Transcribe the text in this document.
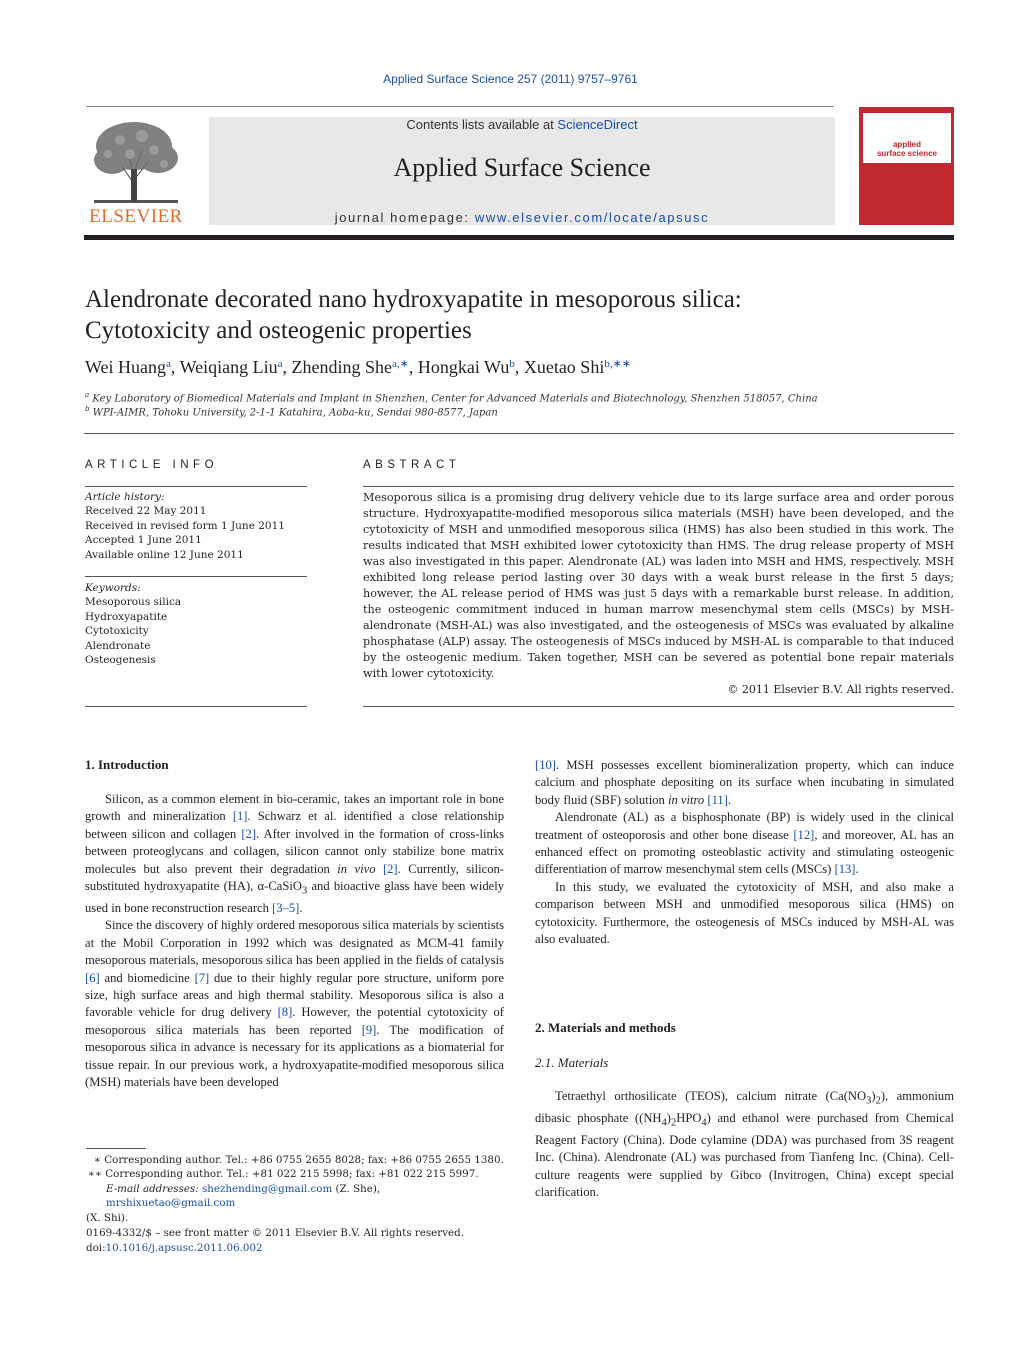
Applied Surface Science 257 (2011) 9757–9761
ELSEVIER
Contents lists available at ScienceDirect
Applied Surface Science
journal homepage: www.elsevier.com/locate/apsusc
applied
surface science
Alendronate decorated nano hydroxyapatite in mesoporous silica:
Cytotoxicity and osteogenic properties
Wei Huang$^a$, Weiqiang Liu$^a$, Zhending She$^{a,∗}$, Hongkai Wu$^b$, Xuetao Shi$^{b,∗∗}$
$^a$ Key Laboratory of Biomedical Materials and Implant in Shenzhen, Center for Advanced Materials and Biotechnology, Shenzhen 518057, China
$^b$ WPI-AIMR, Tohoku University, 2-1-1 Katahira, Aoba-ku, Sendai 980-8577, Japan
ARTICLE INFO	ABSTRACT
Article history:
Received 22 May 2011
Received in revised form 1 June 2011
Accepted 1 June 2011
Available online 12 June 2011
Keywords:
Mesoporous silica
Hydroxyapatite
Cytotoxicity
Alendronate
Osteogenesis
Mesoporous silica is a promising drug delivery vehicle due to its large surface area and order porous structure. Hydroxyapatite-modified mesoporous silica materials (MSH) have been developed, and the cytotoxicity of MSH and unmodified mesoporous silica (HMS) has also been studied in this work. The results indicated that MSH exhibited lower cytotoxicity than HMS. The drug release property of MSH was also investigated in this paper. Alendronate (AL) was laden into MSH and HMS, respectively. MSH exhibited long release period lasting over 30 days with a weak burst release in the first 5 days; however, the AL release period of HMS was just 5 days with a remarkable burst release. In addition, the osteogenic commitment induced in human marrow mesenchymal stem cells (MSCs) by MSH-alendronate (MSH-AL) was also investigated, and the osteogenesis of MSCs was evaluated by alkaline phosphatase (ALP) assay. The osteogenesis of MSCs induced by MSH-AL is comparable to that induced by the osteogenic medium. Taken together, MSH can be severed as potential bone repair materials with lower cytotoxicity.
© 2011 Elsevier B.V. All rights reserved.
1. Introduction

Silicon, as a common element in bio-ceramic, takes an important role in bone growth and mineralization [1]. Schwarz et al. identified a close relationship between silicon and collagen [2]. After involved in the formation of cross-links between proteoglycans and collagen, silicon cannot only stabilize bone matrix molecules but also prevent their degradation in vivo [2]. Currently, silicon-substituted hydroxyapatite (HA), α-CaSiO$_3$ and bioactive glass have been widely used in bone reconstruction research [3–5].

Since the discovery of highly ordered mesoporous silica materials by scientists at the Mobil Corporation in 1992 which was designated as MCM-41 family mesoporous materials, mesoporous silica has been applied in the fields of catalysis [6] and biomedicine [7] due to their highly regular pore structure, uniform pore size, high surface areas and high thermal stability. Mesoporous silica is also a favorable vehicle for drug delivery [8]. However, the potential cytotoxicity of mesoporous silica materials has been reported [9]. The modification of mesoporous silica in advance is necessary for its applications as a biomaterial for tissue repair. In our previous work, a hydroxyapatite-modified mesoporous silica (MSH) materials have been developed

[10]. MSH possesses excellent biomineralization property, which can induce calcium and phosphate depositing on its surface when incubating in simulated body fluid (SBF) solution in vitro [11].

Alendronate (AL) as a bisphosphonate (BP) is widely used in the clinical treatment of osteoporosis and other bone disease [12], and moreover, AL has an enhanced effect on promoting osteoblastic activity and stimulating osteogenic differentiation of marrow mesenchymal stem cells (MSCs) [13].

In this study, we evaluated the cytotoxicity of MSH, and also make a comparison between MSH and unmodified mesoporous silica (HMS) on cytotoxicity. Furthermore, the osteogenesis of MSCs induced by MSH-AL was also evaluated.

2. Materials and methods
2.1. Materials

Tetraethyl orthosilicate (TEOS), calcium nitrate $(Ca(NO_3)_2)$, ammonium dibasic phosphate $((NH_4)_2HPO_4)$ and ethanol were purchased from Chemical Reagent Factory (China). Dode cylamine (DDA) was purchased from 3S reagent Inc. (China). Alendronate (AL) was purchased from Tianfeng Inc. (China). Cell-culture reagents were supplied by Gibco (Invitrogen, China) except special clarification.

∗ Corresponding author. Tel.: +86 0755 2655 8028; fax: +86 0755 2655 1380.
∗∗ Corresponding author. Tel.: +81 022 215 5998; fax: +81 022 215 5997.
E-mail addresses: shezhending@gmail.com (Z. She), mrshixuetao@gmail.com
(X. Shi).
0169-4332/$ – see front matter © 2011 Elsevier B.V. All rights reserved.
doi:10.1016/j.apsusc.2011.06.002
